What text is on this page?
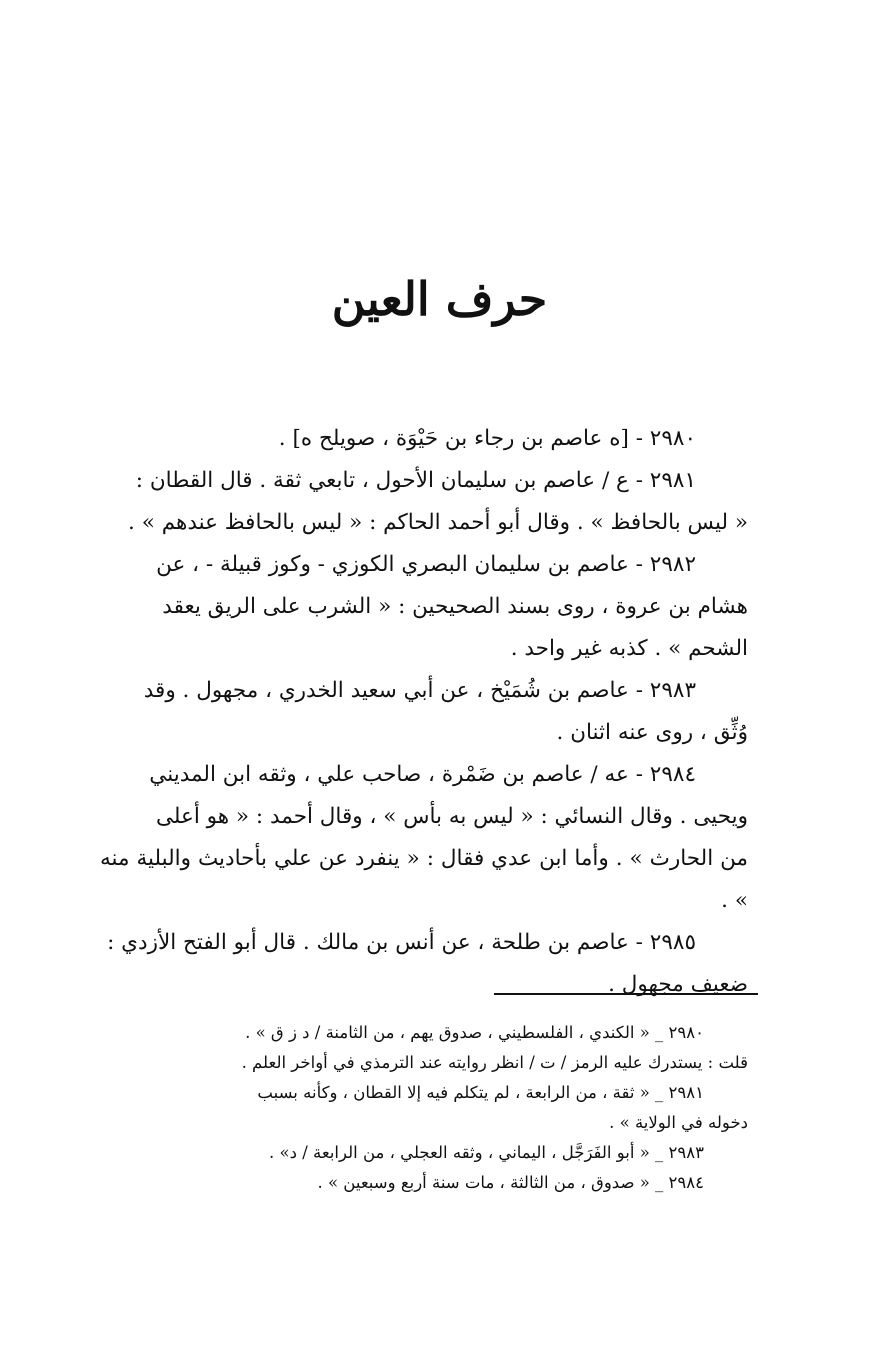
حرف العين
٢٩٨٠ - [ه عاصم بن رجاء بن حَيْوَة ، صويلح ه] .
٢٩٨١ - ع / عاصم بن سليمان الأحول ، تابعي ثقة . قال القطان :
« ليس بالحافظ » . وقال أبو أحمد الحاكم : « ليس بالحافظ عندهم » .
٢٩٨٢ - عاصم بن سليمان البصري الكوزي - وكوز قبيلة - ، عن
هشام بن عروة ، روى بسند الصحيحين : « الشرب على الريق يعقد
الشحم » . كذبه غير واحد .
٢٩٨٣ - عاصم بن شُمَيْخ ، عن أبي سعيد الخدري ، مجهول . وقد
وُثِّق ، روى عنه اثنان .
٢٩٨٤ - عه / عاصم بن ضَمْرة ، صاحب علي ، وثقه ابن المديني
ويحيى . وقال النسائي : « ليس به بأس » ، وقال أحمد : « هو أعلى
من الحارث » . وأما ابن عدي فقال : « ينفرد عن علي بأحاديث والبلية منه » .
٢٩٨٥ - عاصم بن طلحة ، عن أنس بن مالك . قال أبو الفتح الأزدي :
ضعيف مجهول .
٢٩٨٠ _ « الكندي ، الفلسطيني ، صدوق يهم ، من الثامنة / د ز ق » .
قلت : يستدرك عليه الرمز / ت / انظر روايته عند الترمذي في أواخر العلم .
٢٩٨١ _ « ثقة ، من الرابعة ، لم يتكلم فيه إلا القطان ، وكأنه بسبب
دخوله في الولاية » .
٢٩٨٣ _ « أبو الفَرَجَّل ، اليماني ، وثقه العجلي ، من الرابعة / د» .
٢٩٨٤ _ « صدوق ، من الثالثة ، مات سنة أربع وسبعين » .
